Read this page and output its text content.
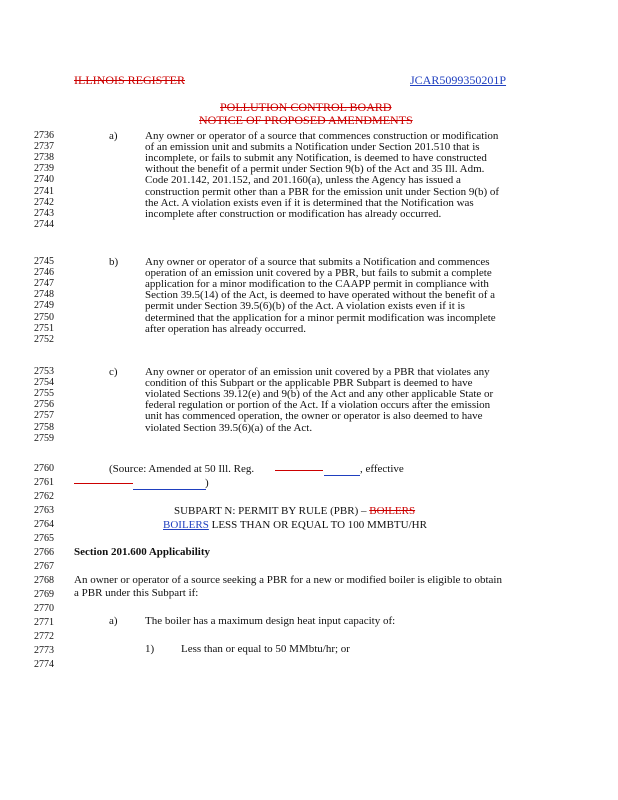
ILLINOIS REGISTER	JCAR5099350201P
POLLUTION CONTROL BOARD
NOTICE OF PROPOSED AMENDMENTS
2736
2737
2738
2739
2740
2741
2742
2743
2744
2745
2746
2747
2748
2749
2750
2751
2752
2753
2754
2755
2756
2757
2758
2759
2760
2761
2762
2763
2764
2765
2766
2767
2768
2769
2770
2771
2772
2773
2774
a) Any owner or operator of a source that commences construction or modification
of an emission unit and submits a Notification under Section 201.510 that is
incomplete, or fails to submit any Notification, is deemed to have constructed
without the benefit of a permit under Section 9(b) of the Act and 35 Ill. Adm.
Code 201.142, 201.152, and 201.160(a), unless the Agency has issued a
construction permit other than a PBR for the emission unit under Section 9(b) of
the Act. A violation exists even if it is determined that the Notification was
incomplete after construction or modification has already occurred.
b) Any owner or operator of a source that submits a Notification and commences
operation of an emission unit covered by a PBR, but fails to submit a complete
application for a minor modification to the CAAPP permit in compliance with
Section 39.5(14) of the Act, is deemed to have operated without the benefit of a
permit under Section 39.5(6)(b) of the Act. A violation exists even if it is
determined that the application for a minor permit modification was incomplete
after operation has already occurred.
c) Any owner or operator of an emission unit covered by a PBR that violates any
condition of this Subpart or the applicable PBR Subpart is deemed to have
violated Sections 39.12(e) and 9(b) of the Act and any other applicable State or
federal regulation or portion of the Act. If a violation occurs after the emission
unit has commenced operation, the owner or operator is also deemed to have
violated Section 39.5(6)(a) of the Act.
(Source: Amended at 50 Ill. Reg.	, effective
)
SUBPART N: PERMIT BY RULE (PBR) – BOILERS
BOILERS LESS THAN OR EQUAL TO 100 MMBTU/HR
Section 201.600 Applicability
An owner or operator of a source seeking a PBR for a new or modified boiler is eligible to obtain
a PBR under this Subpart if:
a) The boiler has a maximum design heat input capacity of:
1) Less than or equal to 50 MMbtu/hr; or
